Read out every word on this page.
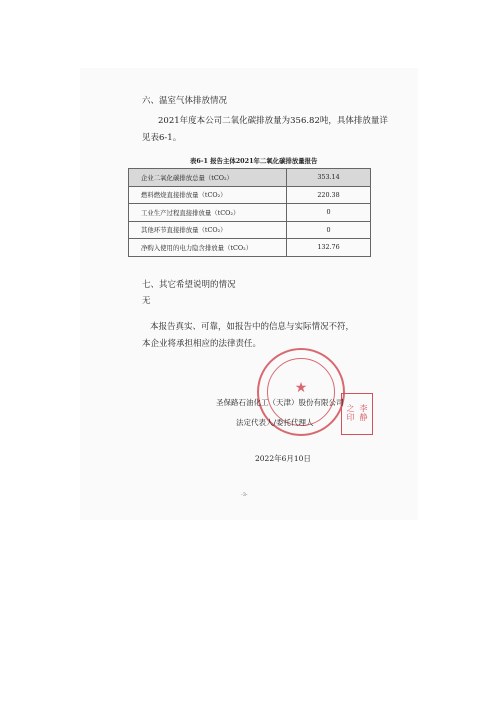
六、温室气体排放情况
2021年度本公司二氧化碳排放量为356.82吨，具体排放量详
见表6-1。
表6-1 报告主体2021年二氧化碳排放量报告
企业二氧化碳排放总量（tCO₂）	353.14
燃料燃烧直接排放量（tCO₂）	220.38
工业生产过程直接排放量（tCO₂）	0
其他环节直接排放量（tCO₂）	0
净购入使用的电力隐含排放量（tCO₂）	132.76
七、其它希望说明的情况
无
本报告真实、可靠，如报告中的信息与实际情况不符，
本企业将承担相应的法律责任。
★
之 李
印 静
圣保路石油化工（天津）股份有限公司
法定代表人/委托代理人
2022年6月10日
-3-
